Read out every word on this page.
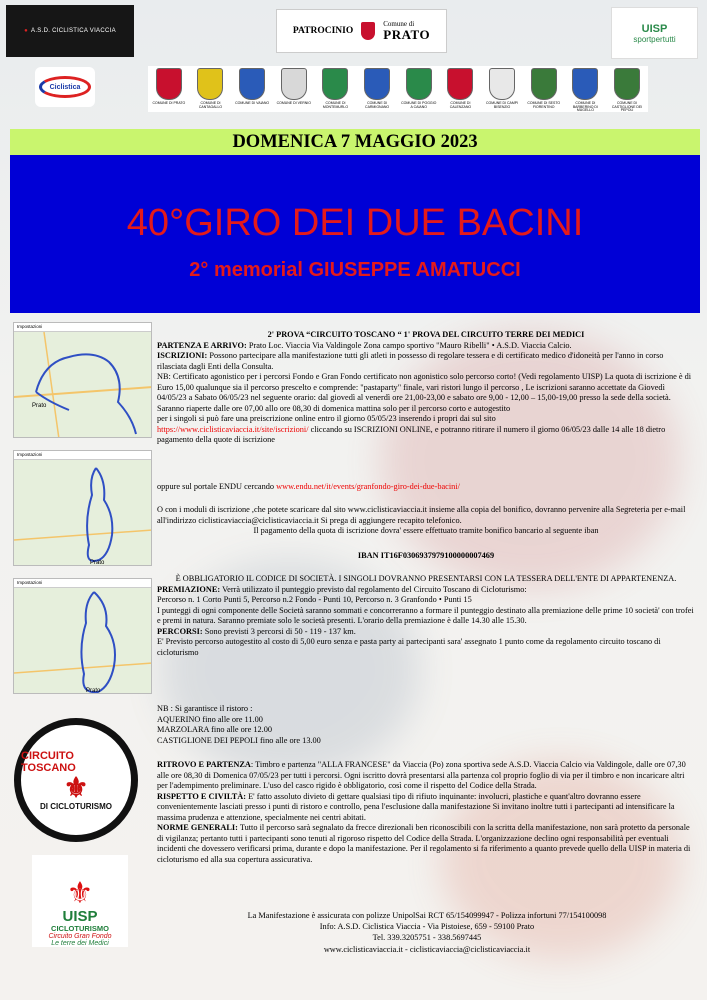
● A.S.D. CICLISTICA VIACCIA	PATROCINIO
Comune di
PRATO	UISP
sportpertutti
Ciclistica
COMUNE DI PRATO	COMUNE DI CANTAGALLO
COMUNE DI VAIANO COMUNE DI VERNIO	COMUNE DI MONTEMURLO
COMUNE DI CARMIGNANO
COMUNE DI POGGIO A CAIANO
COMUNE DI CALENZANO
COMUNE DI CAMPI BISENZIO
COMUNE DI SESTO FIORENTINO
COMUNE DI BARBERINO DI MUGELLO
COMUNE DI CASTIGLIONE DEI PEPOLI
DOMENICA 7 MAGGIO 2023
40°GIRO DEI DUE BACINI
2° memorial GIUSEPPE AMATUCCI
Impostazioni
Prato
Impostazioni
Prato
Impostazioni
Prato
2' PROVA “CIRCUITO TOSCANO “ 1' PROVA DEL CIRCUITO TERRE DEI MEDICI
PARTENZA E ARRIVO: Prato Loc. Viaccia Via Valdingole Zona campo sportivo "Mauro Ribelli" • A.S.D. Viaccia Calcio.
ISCRIZIONI: Possono partecipare alla manifestazione tutti gli atleti in possesso di regolare tessera e di certificato medico d'idoneità per l'anno in corso rilasciata dagli Enti della Consulta.
NB: Certificato agonistico per i percorsi Fondo e Gran Fondo certificato non agonistico solo percorso corto! (Vedi regolamento UISP) La quota di iscrizione è di Euro 15,00 qualunque sia il percorso prescelto e comprende: "pastaparty" finale, vari ristori lungo il percorso , Le iscrizioni saranno accettate da Giovedì 04/05/23 a Sabato 06/05/23 nel seguente orario: dal giovedì al venerdì ore 21,00-23,00 e sabato ore 9,00 - 12,00 – 15,00-19,00 presso la sede della società. Saranno riaperte dalle ore 07,00 allo ore 08,30 di domenica mattina solo per il percorso corto e autogestito
per i singoli si può fare una preiscrizione online entro il giorno 05/05/23 inserendo i propri dai sul sito
https://www.ciclisticaviaccia.it/site/iscrizioni/ cliccando su ISCRIZIONI ONLINE, e potranno ritirare il numero il giorno 06/05/23 dalle 14 alle 18 dietro pagamento della quote di iscrizione
oppure sul portale ENDU cercando www.endu.net/it/events/granfondo-giro-dei-due-bacini/
O con i moduli di iscrizione ,che potete scaricare dal sito www.ciclisticaviaccia.it insieme alla copia del bonifico, dovranno pervenire alla Segreteria per e-mail all'indirizzo ciclisticaviaccia@ciclisticaviaccia.it Si prega di aggiungere recapito telefonico.
Il pagamento della quota di iscrizione dovra' essere effettuato tramite bonifico bancario al seguente iban
IBAN IT16F0306937979100000007469
È OBBLIGATORIO IL CODICE DI SOCIETÀ. I SINGOLI DOVRANNO PRESENTARSI CON LA TESSERA DELL'ENTE DI APPARTENENZA.
PREMIAZIONE: Verrà utilizzato il punteggio previsto dal regolamento del Circuito Toscano di Cicloturismo:
Percorso n. 1 Corto Punti 5, Percorso n.2 Fondo - Punti 10, Percorso n. 3 Granfondo • Punti 15
I punteggi di ogni componente delle Società saranno sommati e concorreranno a formare il punteggio destinato alla premiazione delle prime 10 società' con trofei e premi in natura. Saranno premiate solo le società presenti. L'orario della premiazione è dalle 14.30 alle 15.30.
PERCORSI: Sono previsti 3 percorsi di 50 - 119 - 137 km.
E' Previsto percorso autogestito al costo di 5,00 euro senza e pasta party ai partecipanti sara' assegnato 1 punto come da regolamento circuito toscano di cicloturismo
NB : Si garantisce il ristoro :
AQUERINO fino alle ore 11.00
MARZOLARA fino alle ore 12.00
CASTIGLIONE DEI PEPOLI fino alle ore 13.00
RITROVO E PARTENZA: Timbro e partenza "ALLA FRANCESE" da Viaccia (Po) zona sportiva sede A.S.D. Viaccia Calcio via Valdingole, dalle ore 07,30 alle ore 08,30 di Domenica 07/05/23 per tutti i percorsi. Ogni iscritto dovrà presentarsi alla partenza col proprio foglio di via per il timbro e non incaricare altri per l'adempimento preliminare. L'uso del casco rigido è obbligatorio, così come il rispetto del Codice della Strada.
RISPETTO E CIVILTÀ: E' fatto assoluto divieto di gettare qualsiasi tipo di rifiuto inquinante: involucri, plastiche e quant'altro dovranno essere convenientemente lasciati presso i punti di ristoro e controllo, pena l'esclusione dalla manifestazione Si invitano inoltre tutti i partecipanti ad intensificare la massima prudenza e attenzione, specialmente nei centri abitati.
NORME GENERALI: Tutto il percorso sarà segnalato da frecce direzionali ben riconoscibili con la scritta della manifestazione, non sarà protetto da personale di vigilanza; pertanto tutti i partecipanti sono tenuti al rigoroso rispetto del Codice della Strada. L'organizzazione declino ogni responsabilità per eventuali incidenti che dovessero verificarsi prima, durante e dopo la manifestazione. Per il regolamento si fa riferimento a quanto prevede quello della UISP in materia di cicloturismo ed alla sua copertura assicurativa.
CIRCUITO TOSCANO
⚜
DI CICLOTURISMO
⚜
UISP
CICLOTURISMO
Circuito Gran Fondo
Le terre dei Medici
La Manifestazione è assicurata con polizze UnipolSai RCT 65/154099947 - Polizza infortuni 77/154100098
Info: A.S.D. Ciclistica Viaccia - Via Pistoiese, 659 - 59100 Prato
Tel. 339.3205751 - 338.5697445
www.ciclisticaviaccia.it - ciclisticaviaccia@ciclisticaviaccia.it
